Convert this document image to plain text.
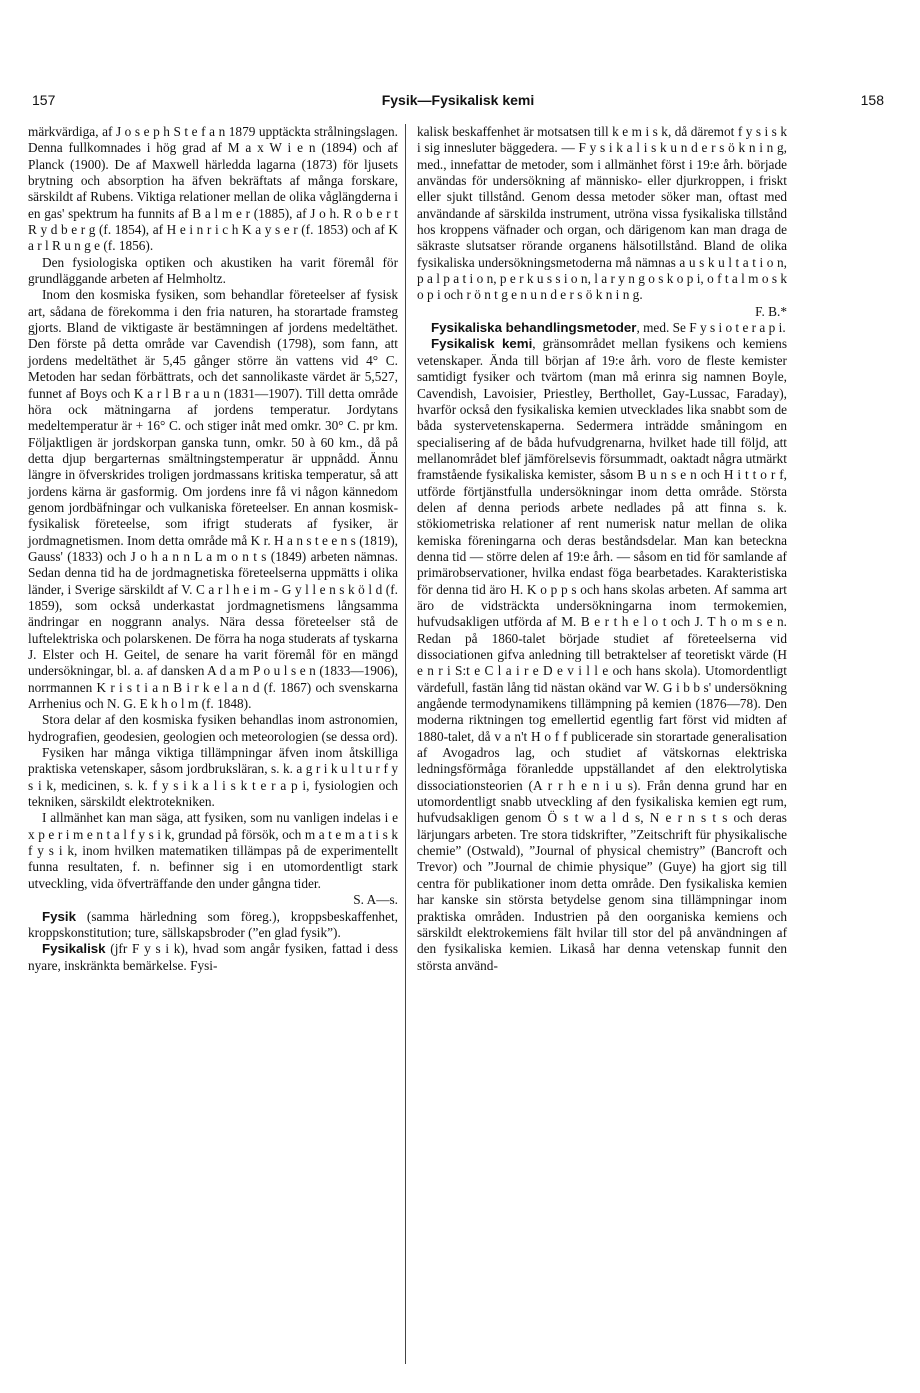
157	Fysik—Fysikalisk kemi	158

märkvärdiga, af J o s e p h S t e f a n 1879 upptäckta strålningslagen. Denna fullkomnades i hög grad af M a x W i e n (1894) och af Planck (1900). De af Maxwell härledda lagarna (1873) för ljusets brytning och absorption ha äfven bekräftats af många forskare, särskildt af Rubens. Viktiga relationer mellan de olika våglängderna i en gas' spektrum ha funnits af B a l m e r (1885), af J o h. R o b e r t R y d b e r g (f. 1854), af H e i n r i c h K a y s e r (f. 1853) och af K a r l R u n g e (f. 1856).

Den fysiologiska optiken och akustiken ha varit föremål för grundläggande arbeten af Helmholtz.

Inom den kosmiska fysiken, som behandlar företeelser af fysisk art, sådana de förekomma i den fria naturen, ha storartade framsteg gjorts. Bland de viktigaste är bestämningen af jordens medeltäthet. Den förste på detta område var Cavendish (1798), som fann, att jordens medeltäthet är 5,45 gånger större än vattens vid 4° C. Metoden har sedan förbättrats, och det sannolikaste värdet är 5,527, funnet af Boys och K a r l B r a u n (1831—1907). Till detta område höra ock mätningarna af jordens temperatur. Jordytans medeltemperatur är + 16° C. och stiger inåt med omkr. 30° C. pr km. Följaktligen är jordskorpan ganska tunn, omkr. 50 à 60 km., då på detta djup bergarternas smältningstemperatur är uppnådd. Ännu längre in öfverskrides troligen jordmassans kritiska temperatur, så att jordens kärna är gasformig. Om jordens inre få vi någon kännedom genom jordbäfningar och vulkaniska företeelser. En annan kosmisk-fysikalisk företeelse, som ifrigt studerats af fysiker, är jordmagnetismen. Inom detta område må K r. H a n s t e e n s (1819), Gauss' (1833) och J o h a n n L a m o n t s (1849) arbeten nämnas. Sedan denna tid ha de jordmagnetiska företeelserna uppmätts i olika länder, i Sverige särskildt af V. C a r l h e i m - G y l l e n s k ö l d (f. 1859), som också underkastat jordmagnetismens långsamma ändringar en noggrann analys. Nära dessa företeelser stå de luftelektriska och polarskenen. De förra ha noga studerats af tyskarna J. Elster och H. Geitel, de senare ha varit föremål för en mängd undersökningar, bl. a. af dansken A d a m P o u l s e n (1833—1906), norrmannen K r i s t i a n B i r k e l a n d (f. 1867) och svenskarna Arrhenius och N. G. E k h o l m (f. 1848).

Stora delar af den kosmiska fysiken behandlas inom astronomien, hydrografien, geodesien, geologien och meteorologien (se dessa ord).

Fysiken har många viktiga tillämpningar äfven inom åtskilliga praktiska vetenskaper, såsom jordbruksläran, s. k. a g r i k u l t u r f y s i k, medicinen, s. k. f y s i k a l i s k t e r a p i, fysiologien och tekniken, särskildt elektrotekniken.

I allmänhet kan man säga, att fysiken, som nu vanligen indelas i e x p e r i m e n t a l f y s i k, grundad på försök, och m a t e m a t i s k f y s i k, inom hvilken matematiken tillämpas på de experimentellt funna resultaten, f. n. befinner sig i en utomordentligt stark utveckling, vida öfverträffande den under gångna tider.

S. A—s.

Fysik (samma härledning som föreg.), kroppsbeskaffenhet, kroppskonstitution; ture, sällskapsbroder (”en glad fysik”).

Fysikalisk (jfr F y s i k), hvad som angår fysiken, fattad i dess nyare, inskränkta bemärkelse. Fysi-

kalisk beskaffenhet är motsatsen till k e m i s k, då däremot f y s i s k i sig innesluter bäggedera. — F y s i k a l i s k u n d e r s ö k n i n g, med., innefattar de metoder, som i allmänhet först i 19:e årh. började användas för undersökning af människo- eller djurkroppen, i friskt eller sjukt tillstånd. Genom dessa metoder söker man, oftast med användande af särskilda instrument, utröna vissa fysikaliska tillstånd hos kroppens väfnader och organ, och därigenom kan man draga de säkraste slutsatser rörande organens hälsotillstånd. Bland de olika fysikaliska undersökningsmetoderna må nämnas a u s k u l t a t i o n, p a l p a t i o n, p e r k u s s i o n, l a r y n g o s k o p i, o f t a l m o s k o p i och r ö n t g e n u n d e r s ö k n i n g.

F. B.*

Fysikaliska behandlingsmetoder, med. Se F y s i o t e r a p i.

Fysikalisk kemi, gränsområdet mellan fysikens och kemiens vetenskaper. Ända till början af 19:e årh. voro de fleste kemister samtidigt fysiker och tvärtom (man må erinra sig namnen Boyle, Cavendish, Lavoisier, Priestley, Berthollet, Gay-Lussac, Faraday), hvarför också den fysikaliska kemien utvecklades lika snabbt som de båda systervetenskaperna. Sedermera inträdde småningom en specialisering af de båda hufvudgrenarna, hvilket hade till följd, att mellanområdet blef jämförelsevis försummadt, oaktadt några utmärkt framstående fysikaliska kemister, såsom B u n s e n och H i t t o r f, utförde förtjänstfulla undersökningar inom detta område. Största delen af denna periods arbete nedlades på att finna s. k. stökiometriska relationer af rent numerisk natur mellan de olika kemiska föreningarna och deras beståndsdelar. Man kan beteckna denna tid — större delen af 19:e årh. — såsom en tid för samlande af primärobservationer, hvilka endast föga bearbetades. Karakteristiska för denna tid äro H. K o p p s och hans skolas arbeten. Af samma art äro de vidsträckta undersökningarna inom termokemien, hufvudsakligen utförda af M. B e r t h e l o t och J. T h o m s e n. Redan på 1860-talet började studiet af företeelserna vid dissociationen gifva anledning till betraktelser af teoretiskt värde (H e n r i S:t e C l a i r e D e v i l l e och hans skola). Utomordentligt värdefull, fastän lång tid nästan okänd var W. G i b b s' undersökning angående termodynamikens tillämpning på kemien (1876—78). Den moderna riktningen tog emellertid egentlig fart först vid midten af 1880-talet, då v a n't H o f f publicerade sin storartade generalisation af Avogadros lag, och studiet af vätskornas elektriska ledningsförmåga föranledde uppställandet af den elektrolytiska dissociationsteorien (A r r h e n i u s). Från denna grund har en utomordentligt snabb utveckling af den fysikaliska kemien egt rum, hufvudsakligen genom Ö s t w a l d s, N e r n s t s och deras lärjungars arbeten. Tre stora tidskrifter, ”Zeitschrift für physikalische chemie” (Ostwald), ”Journal of physical chemistry” (Bancroft och Trevor) och ”Journal de chimie physique” (Guye) ha gjort sig till centra för publikationer inom detta område. Den fysikaliska kemien har kanske sin största betydelse genom sina tillämpningar inom praktiska områden. Industrien på den oorganiska kemiens och särskildt elektrokemiens fält hvilar till stor del på användningen af den fysikaliska kemien. Likaså har denna vetenskap funnit den största använd-
